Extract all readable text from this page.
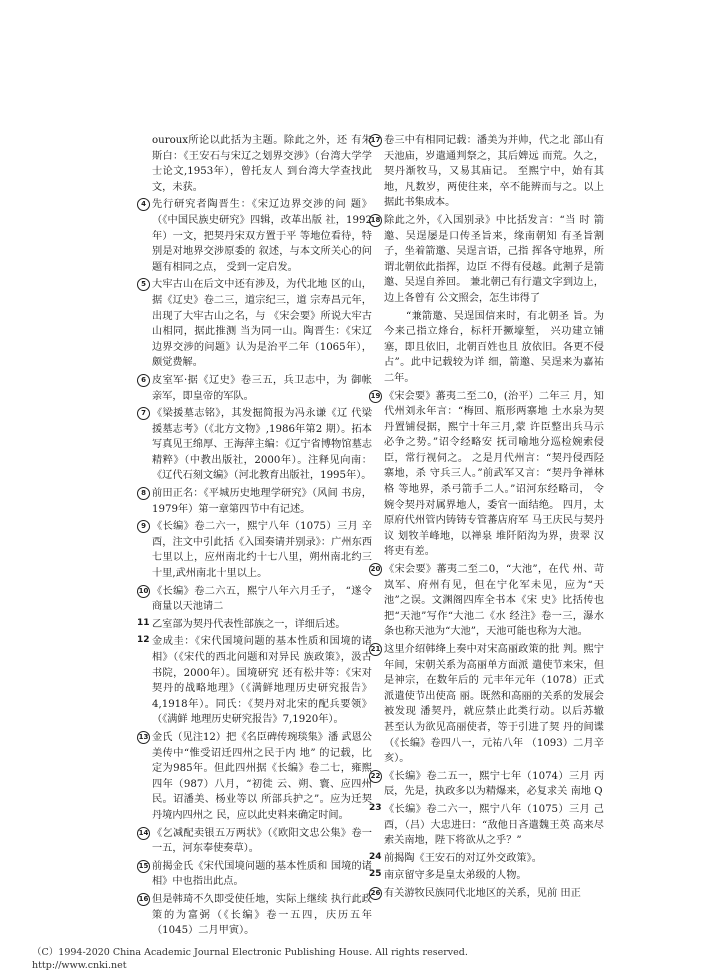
ouroux所论以此括为主题。除此之外，还 有朱斯白：《王安石与宋辽之划界交涉》（台湾大学学士论文,1953年），曾托友人 到台湾大学查找此文，未获。

4 先行研究者陶晋生：《宋辽边界交涉的问 题》（《中国民族史研究》四辑，改革出版 社，1992年）一文，把契丹宋双方置于平 等地位看待，特别是对地界交涉原委的 叙述，与本文所关心的问题有相同之点， 受到一定启发。

5 大牢古山在后文中还有涉及，为代北地 区的山，据《辽史》卷二三，道宗纪三，道 宗寿昌元年，出现了大牢古山之名，与 《宋会要》所说大牢古山相同，据此推测 当为同一山。陶晋生：《宋辽边界交涉的问题》认为是治平二年（1065年），颇觉费解。

6 皮室军·据《辽史》卷三五，兵卫志中，为 御帐亲军，即皇帝的军队。

7 《梁援墓志铭》，其发掘简报为冯永谦《辽 代梁援墓志考》（《北方文物》,1986年第2 期）。拓本写真见王绵厚、王海萍主编：《辽宁省博物馆墓志精粹》（中教出版社，2000年）。注释见向南：《辽代石刻文编》（河北教育出版社，1995年）。

8 前田正名：《平城历史地理学研究》（风间 书房，1979年）第一章第四节中有记述。

9 《长编》卷二六一，熙宁八年（1075）三月 辛酉，注文中引此括《入国奏请并别录》：广州东西七里以上，应州南北约十七八里，朔州南北约三十里,武州南北十里以上。

10 《长编》卷二六五，熙宁八年六月壬子， “遂令商量以天池请二

11 乙室部为契丹代表性部族之一，详细后述。

12 金成圭：《宋代国境问题的基本性质和国境的诸相》（《宋代的西北问题和对异民 族政策》，汲古书院，2000年）。国境研究 还有松井等：《宋对契丹的战略地理》（《满鲜地理历史研究报告》4,1918年）。同氏：《契丹对北宋的配兵要领》（《满鲜 地理历史研究报告》7,1920年）。

13 金氏（见注12）把《名臣碑传琬琰集》潘 武恩公美传中“惟受诏迁四州之民于内 地” 的记载，比定为985年。但此四州据《长编》卷二七，雍熙四年（987）八月，“初徙 云、朔、寰、应四州民。诏潘美、杨业等以 所部兵护之”。应为迁契丹境内四州之 民，应以此史料来确定时间。

14 《乞减配卖银五万两状》（《欧阳文忠公集》卷一一五，河东奉使奏草）。

15 前揭金氏《宋代国境问题的基本性质和 国境的诸相》中也指出此点。

16 但是韩琦不久即受使任地，实际上继续 执行此政策的为富弼（《长编》卷一五四，庆历五年（1045）二月甲寅）。

17 卷三中有相同记载：潘美为并帅，代之北 部山有天池庙，岁遣通判祭之，其后婢远 而荒。久之，契丹渐牧马，又易其庙记。 至熙宁中，始有其地，凡数岁，两使往来，卒不能辨而与之。以上据此书集成本。

18 除此之外，《入国别录》中比括发言：“当 时 箭邀、吴逞屡是口传圣旨来，缘南朝知 有圣旨割子，坐着箭邀、吴逞言语，己指 挥各守地界，所谓北朝依此指挥，边臣 不得有侵越。此割子是箭邀、吴逞自养回。 兼北朝己有行遣文字到边上，边上各曾有 公文照会，怎生讳得了

“兼箭邀、吴逞国信来时，有北朝圣 旨。为今来己指立烽台，标杆开撅壕堑， 兴功建立铺塞，即且依旧，北朝百姓也且 放依旧。各更不侵占”。此中记载较为详 细，箭邀、吴逞来为嘉祐二年。

19 《宋会要》蕃夷二至二0，(治平）二年三 月，知代州刘永年言：“梅回、瓶形两寨地 土水泉为契丹置铺侵据，熙宁十年三月,蒙 许臣整出兵马示必争之势。”诏令经略安 抚司喻地分巡检婉索侵臣，常行视伺之。 之是月代州言：“契丹侵西陉寨地，杀 守兵三人。”前武军又言：“契丹争禅林格 等地界，杀弓箭手二人。”诏河东经略司， 令婉令契丹对属界地人，委官一面结绝。 四月，太原府代州管内铸铸专管蕃店府军 马王庆民与契丹议 划牧羊峰地，以禅泉 堆阡陌沟为界，贵翠 汉将吏有差。

20 《宋会要》蕃夷二至二0，“大池”，在代 州、苛岚军、府州有见，但在宁化军未见，应为“天池”之误。文渊阁四库全书本《宋 史》比括传也把“天池”写作“大池二《水 经注》卷一三，瀑水条也称天池为“大池”，天池可能也称为大池。

21 这里介绍韩绛上奏中对宋高丽政策的批 判。熙宁年间，宋朝关系为高丽单方面派 遣使节来宋，但是神宗，在数年后的 元丰年元年（1078）正式派遣使节出使高 丽。既然和高丽的关系的发展会被发现 潘契丹，就应禁止此类行动。以后苏辙 甚至认为欲见高丽使者，等于引进了契 丹的间谍（《长编》卷四八一，元祐八年 （1093）二月辛亥）。

22 《长编》卷二五一，熙宁七年（1074）三月 丙辰，先是，执政多以为精爆来，必复求关 南地 Q

23 《长编》卷二六一，熙宁八年（1075）三月 己酉，（吕）大忠进曰：“敌他日吝遣魏王英 高来尽索关南地，陛下将欲从之乎？”

24 前揭陶《王安石的对辽外交政策》。

25 南京留守多是皇太弟级的人物。

26 有关游牧民族同代北地区的关系，见前 田正

（C）1994-2020 China Academic Journal Electronic Publishing House. All rights reserved.
http://www.cnki.net
